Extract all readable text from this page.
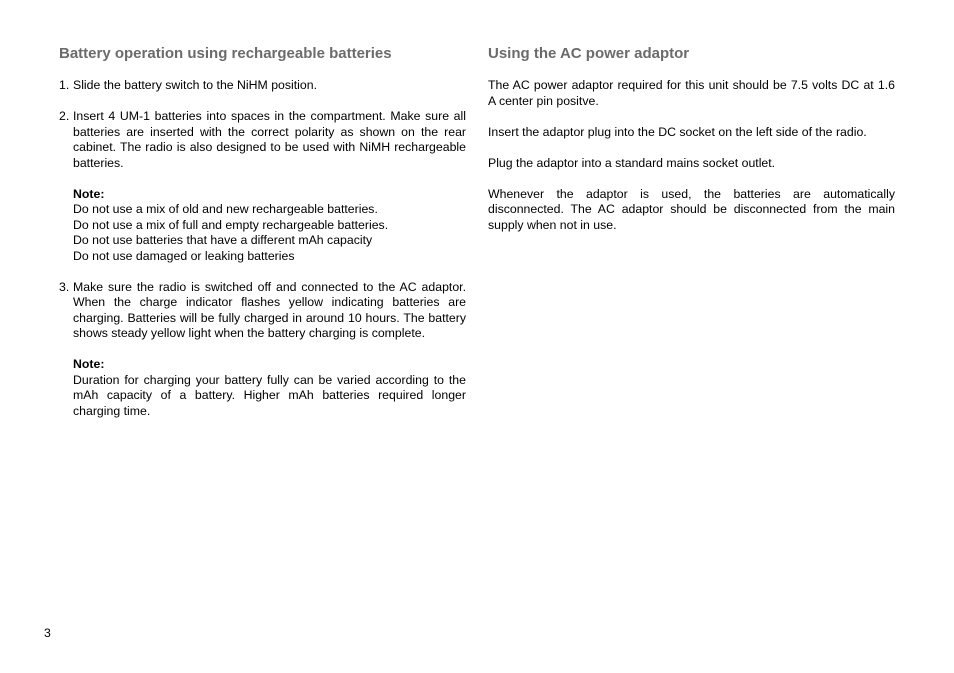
Battery operation using rechargeable batteries
1. Slide the battery switch to the NiHM position.
2. Insert 4 UM-1 batteries into spaces in the compartment. Make sure all batteries are inserted with the correct polarity as shown on the rear cabinet. The radio is also designed to be used with NiMH rechargeable batteries.
Note:
Do not use a mix of old and new rechargeable batteries.
Do not use a mix of full and empty rechargeable batteries.
Do not use batteries that have a different mAh capacity
Do not use damaged or leaking batteries
3. Make sure the radio is switched off and connected to the AC adaptor. When the charge indicator flashes yellow indicating batteries are charging. Batteries will be fully charged in around 10 hours. The battery shows steady yellow light when the battery charging is complete.
Note:
Duration for charging your battery fully can be varied according to the mAh capacity of a battery. Higher mAh batteries required longer charging time.
Using the AC power adaptor

The AC power adaptor required for this unit should be 7.5 volts DC at 1.6 A center pin positve.

Insert the adaptor plug into the DC socket on the left side of the radio.

Plug the adaptor into a standard mains socket outlet.

Whenever the adaptor is used, the batteries are automatically disconnected. The AC adaptor should be disconnected from the main supply when not in use.

3
